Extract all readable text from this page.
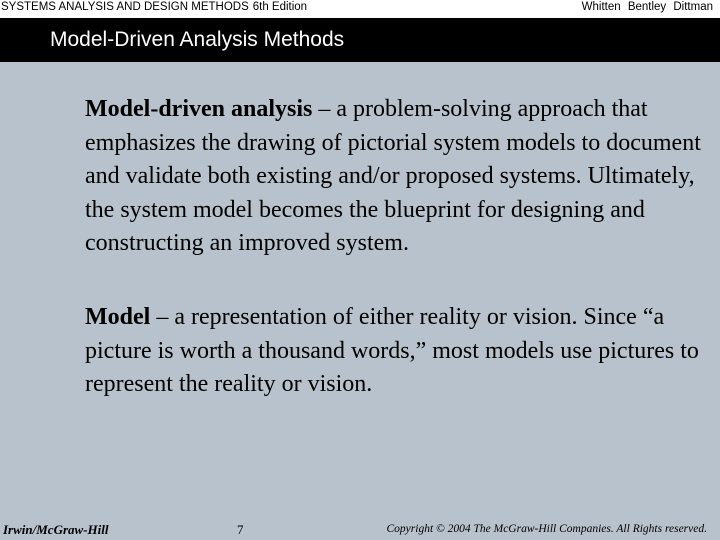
SYSTEMS ANALYSIS AND DESIGN METHODS 6th Edition	Whitten Bentley Dittman
Model-Driven Analysis Methods

Model-driven analysis – a problem-solving approach that emphasizes the drawing of pictorial system models to document and validate both existing and/or proposed systems. Ultimately, the system model becomes the blueprint for designing and constructing an improved system.

Model – a representation of either reality or vision. Since “a picture is worth a thousand words,” most models use pictures to represent the reality or vision.

Irwin/McGraw-Hill	7	Copyright © 2004 The McGraw-Hill Companies. All Rights reserved.
